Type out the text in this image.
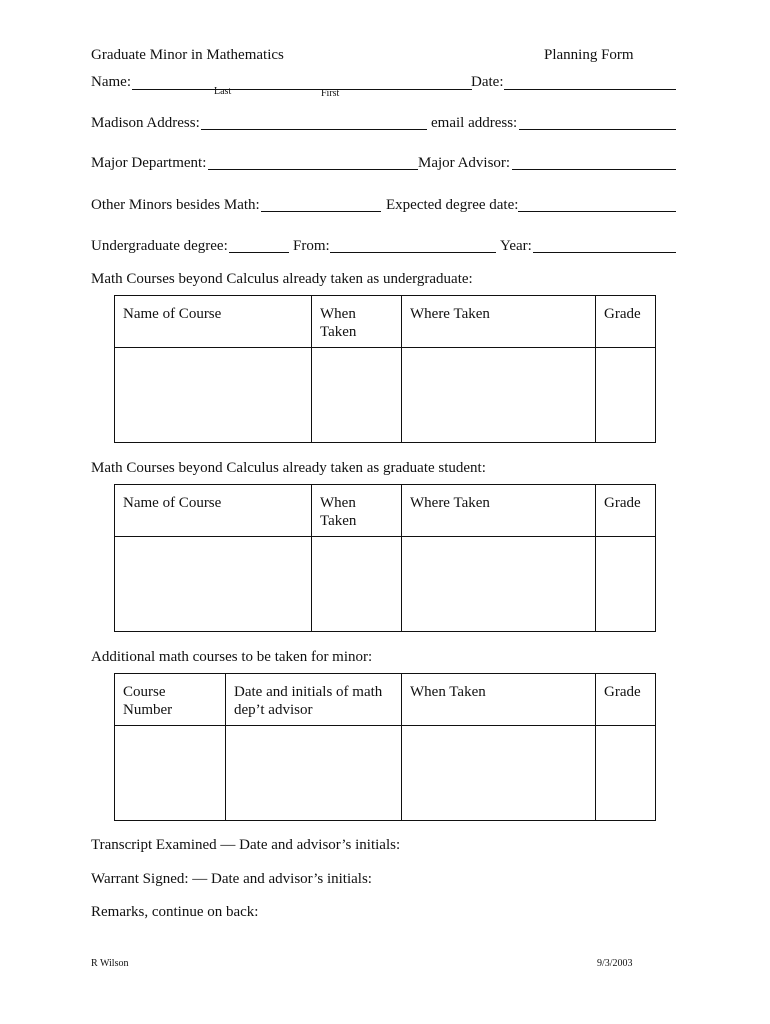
Graduate Minor in Mathematics	Planning Form
Name:
Last	First
Date:
Madison Address:	email address:
Major Department:	Major Advisor:
Other Minors besides Math:	Expected degree date:
Undergraduate degree:	From:	Year:
Math Courses beyond Calculus already taken as undergraduate:
Name of Course	When Taken	Where Taken	Grade

Math Courses beyond Calculus already taken as graduate student:
Name of Course	When Taken	Where Taken	Grade

Additional math courses to be taken for minor:
Course Number	Date and initials of math dep’t advisor	When Taken	Grade

Transcript Examined — Date and advisor’s initials:
Warrant Signed: — Date and advisor’s initials:
Remarks, continue on back:
R Wilson	9/3/2003
